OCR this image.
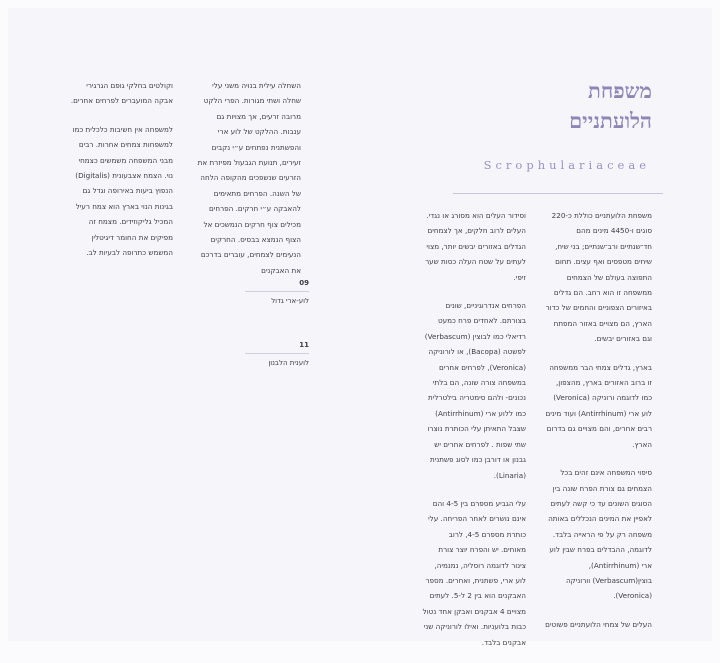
משפחת
הלועתניים
Scrophulariaceae

משפחת הלועתניים כוללת כ-220 סוגים ו-4450 מינים מהם חד־שנתיים ורב־שנתיים; בני שיח, שיחים מטפסים ואף עצים. תחום התפוצה בעולם של הצמחים ממשפחה זו הוא רחב. הם גדלים באיזורים הצפוניים והחמים של כדור הארץ, הם מצויים באזור המפתח וגם באזורים יבשים.

בארץ, גדלים צמחי הבר ממשפחה זו ברוב האזורים בארץ, מהצפון, כמו לדוגמה ורוניקה (Veronica) לוע ארי (Antirrhinum) ועוד מינים רבים אחרים, והם מצויים גם בדרום הארץ.

סיפוי המשפחה אינם זהים בכל הצמחים גם צורת הפרח שונה בין הסוגים השונים עד כי קשה לעתים לאפיין את המינים הנכללים באותה משפחה רק על פי הראייה בלבד. לדוגמה, ההבדלים בפרח שבין לוע ארי (Antirrhinum), בוצין(Verbascum) וורוניקה (Veronica).

העלים של צמחי הלועתניים פשוטים

וסידור העלים הוא מסורג או נגדי. העלים לרוב חלקים, אך לצמחים הגדלים באזורים יבשים יותר, מצוי לעתים על שטח העלה כסות שער זיפי.

הפרחים אנדרוגיניים, שונים בצורתם. לאחדים פרח כמעט רדיאלי כמו לבוצין (Verbascum) לפשטה (Bacopa), או לורוניקה (Veronica), לפרחים אחרים במשפחה צורה שונה, הם בלתי נכונים- ולהם סימטריה בילטרלית כמו ללוע ארי (Antirrhinum) שצבל התאיתן עלי הכותרת נוצרו שתי שפות . לפרחים אחרים יש גבנון או דורבן כמו לסוג פשתנית (Linaria).

עלי הגביע מספרם בין 4-5 והם אינם נושרים לאחר הפריחה. עלי כותרת מספרם 4-5, לרוב מאוחים. יש והפרח יוצר צורת צינור לדוגמה רוסליה, נמנמיה, לוע ארי, פשתנית, ואחרים. מספר האבקנים הוא בין 2 ל-5. לעתים מצויים 4 אבקנים ואבקן אחד נטול כבות בלועניות. ואילו לורוניקה שני אבקנים בלבד.

השחלה עילית בנויה משני עלי שחלה ושתי מגורות. הפרי הלקט מרובה זרעים, אך מצויות גם ענבות. ההלקט של לוע ארי והפשתנית נפתחים ע״י נקבים זעירים, תנועת הגבעול מפיזרת את הזרעים שנשפכים מהקופה הלחה של השנה. הפרחים מתאימים להאבקה ע״י חרקים. הפרחים מכילים צוף חרקים הנמשכים אל הצוף הנמצא בבסיס. החרקים הנעימים לצמחים, עוברים בדרכם את האבקנים

וקולטים בחלקי גופם הגרגירי אבקה המועברים לפרחים אחרים.

למשפחה אין חשיבות כלכלית כמו למשפחות צמחים אחרות. רבים מבני המשפחה משמשים כצמחי נוי. הצמח אצבעונית (Digitalis) הנפוץ ביעות באירופה וגדל גם בגינות הנוי בארץ הוא צמח רעיל המכיל גליקוזידים. מצמח זה מפיקים את החומר דיגיטלין המשמש כתרופה לבעיות לב.

09
לוע-ארי גדול
11
לוענית הלבנון
